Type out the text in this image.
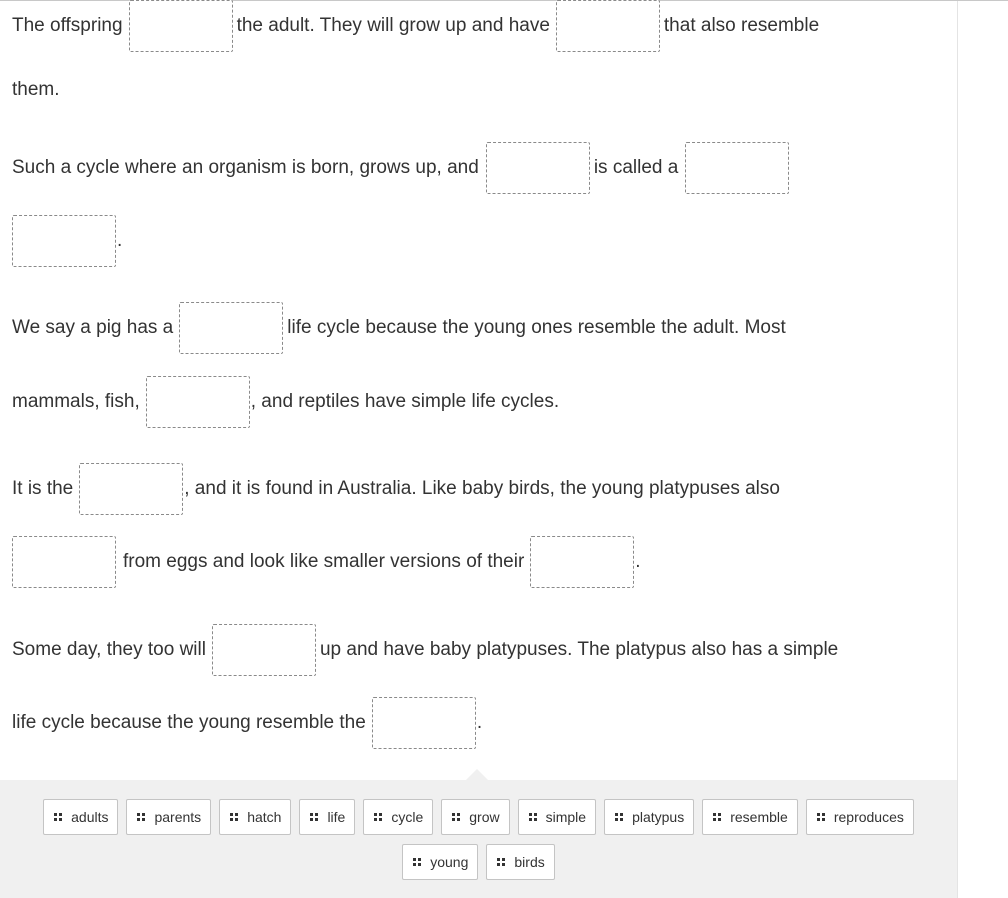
The offspring	the adult. They will grow up and have	that also resemble
them.
Such a cycle where an organism is born, grows up, and	is called a
.
We say a pig has a	life cycle because the young ones resemble the adult. Most
mammals, fish,	, and reptiles have simple life cycles.
It is the	, and it is found in Australia. Like baby birds, the young platypuses also
from eggs and look like smaller versions of their	.
Some day, they too will	up and have baby platypuses. The platypus also has a simple
life cycle because the young resemble the	.
adults	parents	hatch	life	cycle	grow	simple	platypus	resemble	reproduces
young	birds
